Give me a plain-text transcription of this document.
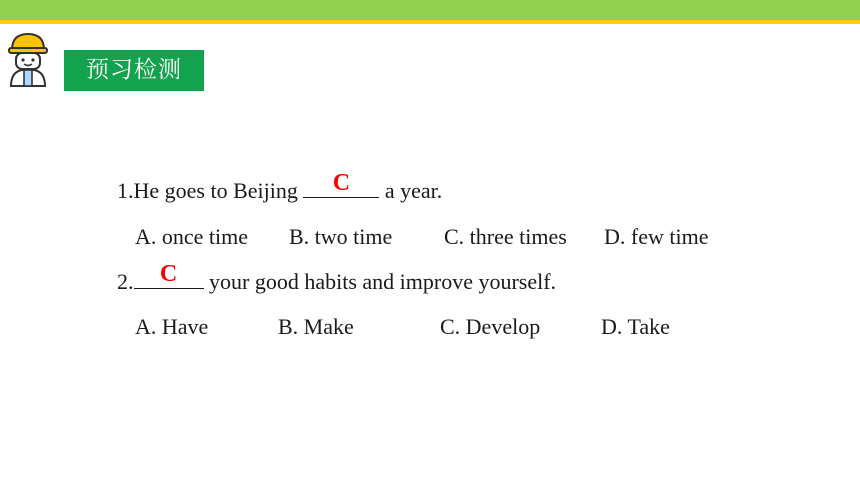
预习检测
1.He goes to Beijing	C	a year.
A. once time B. two time C. three times D. few time
2.	C	your good habits and improve yourself.
A. Have	B. Make	C. Develop	D. Take
